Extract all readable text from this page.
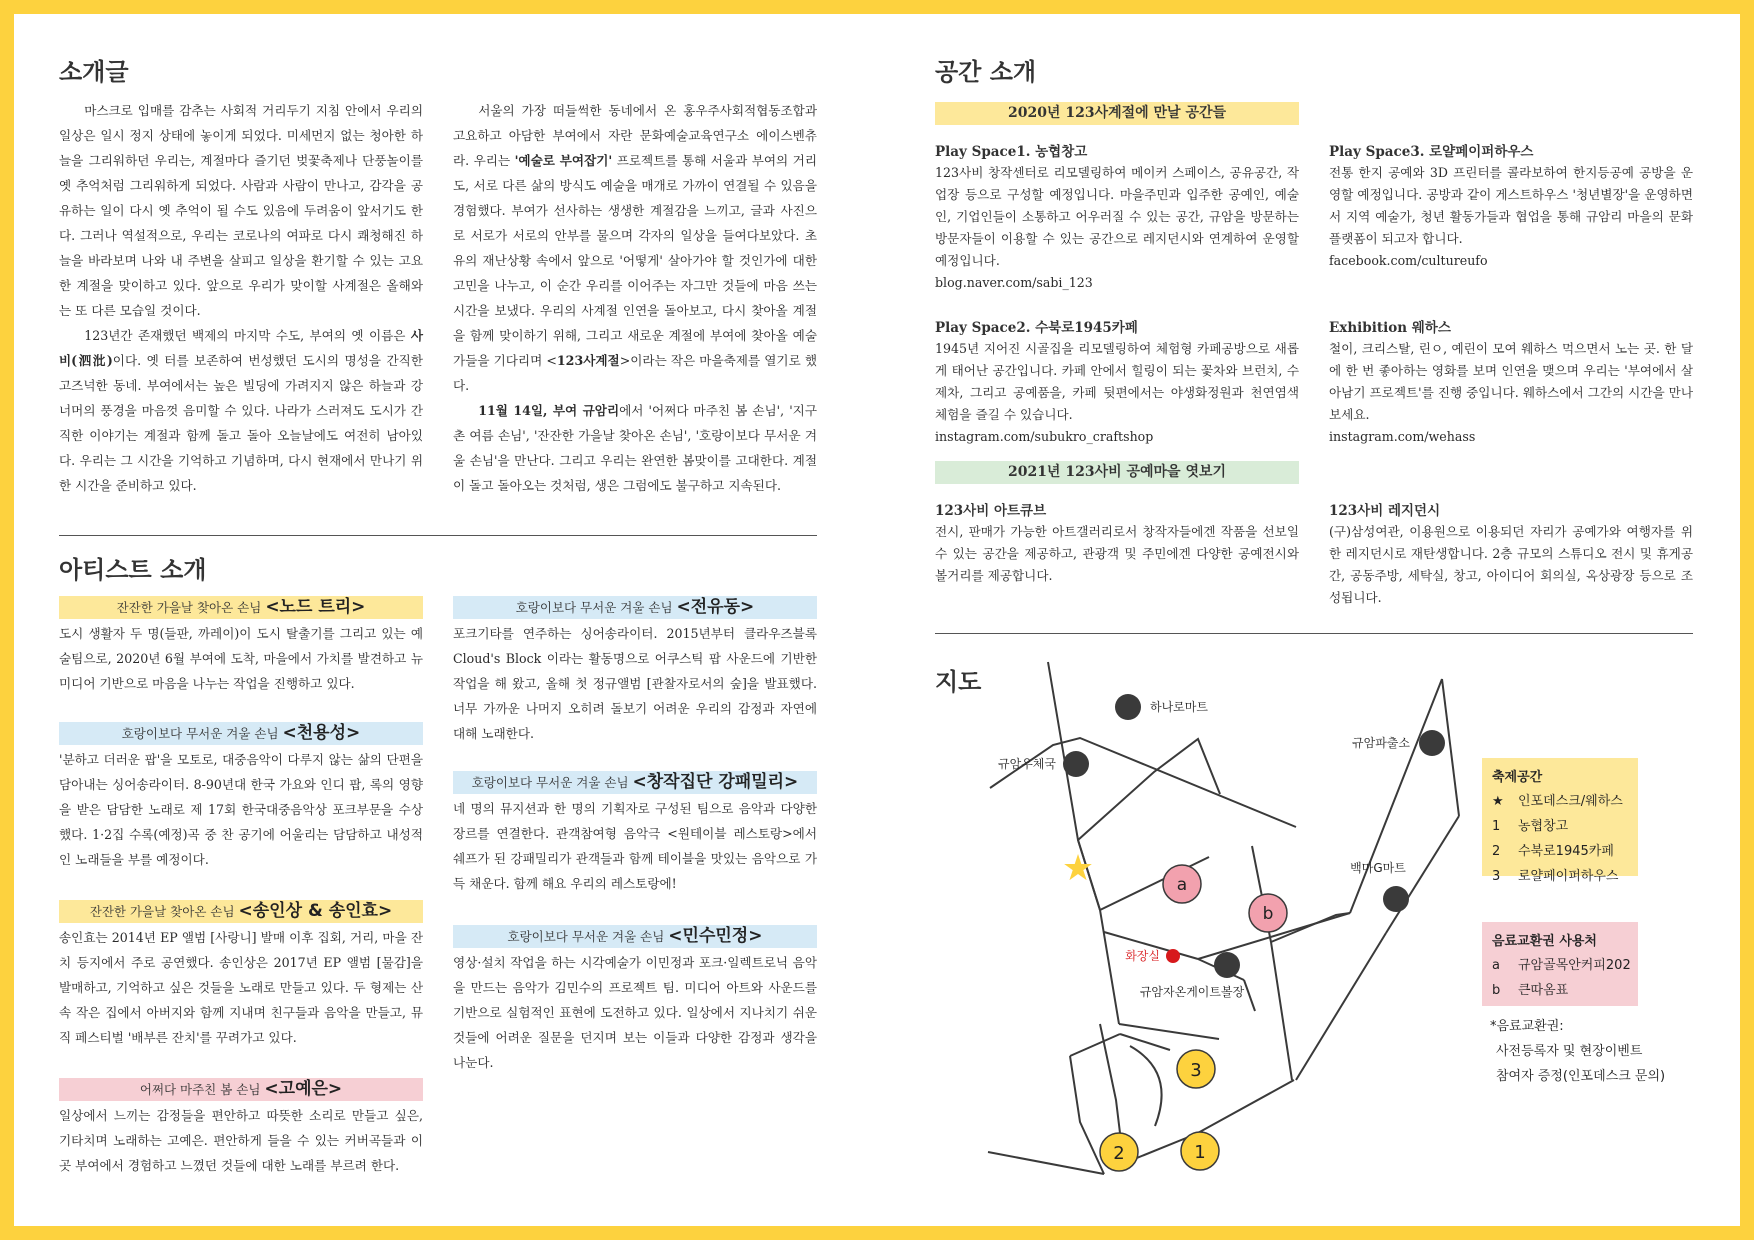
소개글

마스크로 입매를 감추는 사회적 거리두기 지침 안에서 우리의 일상은 일시 정지 상태에 놓이게 되었다. 미세먼지 없는 청아한 하늘을 그리워하던 우리는, 계절마다 즐기던 벚꽃축제나 단풍놀이를 옛 추억처럼 그리워하게 되었다. 사람과 사람이 만나고, 감각을 공유하는 일이 다시 옛 추억이 될 수도 있음에 두려움이 앞서기도 한다. 그러나 역설적으로, 우리는 코로나의 여파로 다시 쾌청해진 하늘을 바라보며 나와 내 주변을 살피고 일상을 환기할 수 있는 고요한 계절을 맞이하고 있다. 앞으로 우리가 맞이할 사계절은 올해와는 또 다른 모습일 것이다.

123년간 존재했던 백제의 마지막 수도, 부여의 옛 이름은 사비(泗沘)이다. 옛 터를 보존하여 번성했던 도시의 명성을 간직한 고즈넉한 동네. 부여에서는 높은 빌딩에 가려지지 않은 하늘과 강 너머의 풍경을 마음껏 음미할 수 있다. 나라가 스러져도 도시가 간직한 이야기는 계절과 함께 돌고 돌아 오늘날에도 여전히 남아있다. 우리는 그 시간을 기억하고 기념하며, 다시 현재에서 만나기 위한 시간을 준비하고 있다.

서울의 가장 떠들썩한 동네에서 온 홍우주사회적협동조합과 고요하고 아담한 부여에서 자란 문화예술교육연구소 에이스벤츄라. 우리는 '예술로 부여잡기' 프로젝트를 통해 서울과 부여의 거리도, 서로 다른 삶의 방식도 예술을 매개로 가까이 연결될 수 있음을 경험했다. 부여가 선사하는 생생한 계절감을 느끼고, 글과 사진으로 서로가 서로의 안부를 물으며 각자의 일상을 들여다보았다. 초유의 재난상황 속에서 앞으로 '어떻게' 살아가야 할 것인가에 대한 고민을 나누고, 이 순간 우리를 이어주는 자그만 것들에 마음 쓰는 시간을 보냈다. 우리의 사계절 인연을 돌아보고, 다시 찾아올 계절을 함께 맞이하기 위해, 그리고 새로운 계절에 부여에 찾아올 예술가들을 기다리며 <123사계절>이라는 작은 마을축제를 열기로 했다.

11월 14일, 부여 규암리에서 '어쩌다 마주친 봄 손님', '지구촌 여름 손님', '잔잔한 가을날 찾아온 손님', '호랑이보다 무서운 겨울 손님'을 만난다. 그리고 우리는 완연한 봄맞이를 고대한다. 계절이 돌고 돌아오는 것처럼, 생은 그럼에도 불구하고 지속된다.

아티스트 소개
잔잔한 가을날 찾아온 손님 <노드 트리>
도시 생활자 두 명(들판, 까레이)이 도시 탈출기를 그리고 있는 예술팀으로, 2020년 6월 부여에 도착, 마을에서 가치를 발견하고 뉴미디어 기반으로 마음을 나누는 작업을 진행하고 있다.
호랑이보다 무서운 겨울 손님 <천용성>
'분하고 더러운 팝'을 모토로, 대중음악이 다루지 않는 삶의 단편을 담아내는 싱어송라이터. 8-90년대 한국 가요와 인디 팝, 록의 영향을 받은 담담한 노래로 제 17회 한국대중음악상 포크부문을 수상했다. 1·2집 수록(예정)곡 중 찬 공기에 어울리는 담담하고 내성적인 노래들을 부를 예정이다.
잔잔한 가을날 찾아온 손님 <송인상 & 송인효>
송인효는 2014년 EP 앨범 [사랑니] 발매 이후 집회, 거리, 마을 잔치 등지에서 주로 공연했다. 송인상은 2017년 EP 앨범 [물감]을 발매하고, 기억하고 싶은 것들을 노래로 만들고 있다. 두 형제는 산 속 작은 집에서 아버지와 함께 지내며 친구들과 음악을 만들고, 뮤직 페스티벌 '배부른 잔치'를 꾸려가고 있다.
어쩌다 마주친 봄 손님 <고예은>
일상에서 느끼는 감정들을 편안하고 따뜻한 소리로 만들고 싶은, 기타치며 노래하는 고예은. 편안하게 들을 수 있는 커버곡들과 이곳 부여에서 경험하고 느꼈던 것들에 대한 노래를 부르려 한다.
호랑이보다 무서운 겨울 손님 <전유동>
포크기타를 연주하는 싱어송라이터. 2015년부터 클라우즈블록Cloud's Block 이라는 활동명으로 어쿠스틱 팝 사운드에 기반한 작업을 해 왔고, 올해 첫 정규앨범 [관찰자로서의 숲]을 발표했다. 너무 가까운 나머지 오히려 돌보기 어려운 우리의 감정과 자연에 대해 노래한다.
호랑이보다 무서운 겨울 손님 <창작집단 강패밀리>
네 명의 뮤지션과 한 명의 기획자로 구성된 팀으로 음악과 다양한 장르를 연결한다. 관객참여형 음악극 <원테이블 레스토랑>에서 쉐프가 된 강패밀리가 관객들과 함께 테이블을 맛있는 음악으로 가득 채운다. 함께 해요 우리의 레스토랑에!
호랑이보다 무서운 겨울 손님 <민수민정>
영상·설치 작업을 하는 시각예술가 이민정과 포크·일렉트로닉 음악을 만드는 음악가 김민수의 프로젝트 팀. 미디어 아트와 사운드를 기반으로 실험적인 표현에 도전하고 있다. 일상에서 지나치기 쉬운 것들에 어려운 질문을 던지며 보는 이들과 다양한 감정과 생각을 나눈다.
공간 소개
2020년 123사계절에 만날 공간들
Play Space1. 농협창고
123사비 창작센터로 리모델링하여 메이커 스페이스, 공유공간, 작업장 등으로 구성할 예정입니다. 마을주민과 입주한 공예인, 예술인, 기업인들이 소통하고 어우러질 수 있는 공간, 규암을 방문하는 방문자들이 이용할 수 있는 공간으로 레지던시와 연계하여 운영할 예정입니다.
blog.naver.com/sabi_123
Play Space2. 수북로1945카페
1945년 지어진 시골집을 리모델링하여 체험형 카페공방으로 새롭게 태어난 공간입니다. 카페 안에서 힐링이 되는 꽃차와 브런치, 수제차, 그리고 공예품을, 카페 뒷편에서는 야생화정원과 천연염색 체험을 즐길 수 있습니다.
instagram.com/subukro_craftshop
Play Space3. 로얄페이퍼하우스
전통 한지 공예와 3D 프린터를 콜라보하여 한지등공예 공방을 운영할 예정입니다. 공방과 같이 게스트하우스 '청년별장'을 운영하면서 지역 예술가, 청년 활동가들과 협업을 통해 규암리 마을의 문화 플랫폼이 되고자 합니다.
facebook.com/cultureufo
Exhibition 웨하스
철이, 크리스탈, 린ㅇ, 예린이 모여 웨하스 먹으면서 노는 곳. 한 달에 한 번 좋아하는 영화를 보며 인연을 맺으며 우리는 '부여에서 살아남기 프로젝트'를 진행 중입니다. 웨하스에서 그간의 시간을 만나보세요.
instagram.com/wehass
2021년 123사비 공예마을 엿보기
123사비 아트큐브
전시, 판매가 가능한 아트갤러리로서 창작자들에겐 작품을 선보일 수 있는 공간을 제공하고, 관광객 및 주민에겐 다양한 공예전시와 볼거리를 제공합니다.
123사비 레지던시
(구)삼성여관, 이용원으로 이용되던 자리가 공예가와 여행자를 위한 레지던시로 재탄생합니다. 2층 규모의 스튜디오 전시 및 휴게공간, 공동주방, 세탁실, 창고, 아이디어 회의실, 옥상광장 등으로 조성됩니다.
지도
하나로마트
규암우체국
규암파출소
백마G마트
규암자온게이트볼장
화장실
★	a
b
3
2	1
축제공간
★ 인포데스크/웨하스
1 농협창고
2 수북로1945카페
3 로얄페이퍼하우스
음료교환권 사용처
a 규암골목안커피202
b 큰따옴표
*음료교환권:
사전등록자 및 현장이벤트
참여자 증정(인포데스크 문의)
